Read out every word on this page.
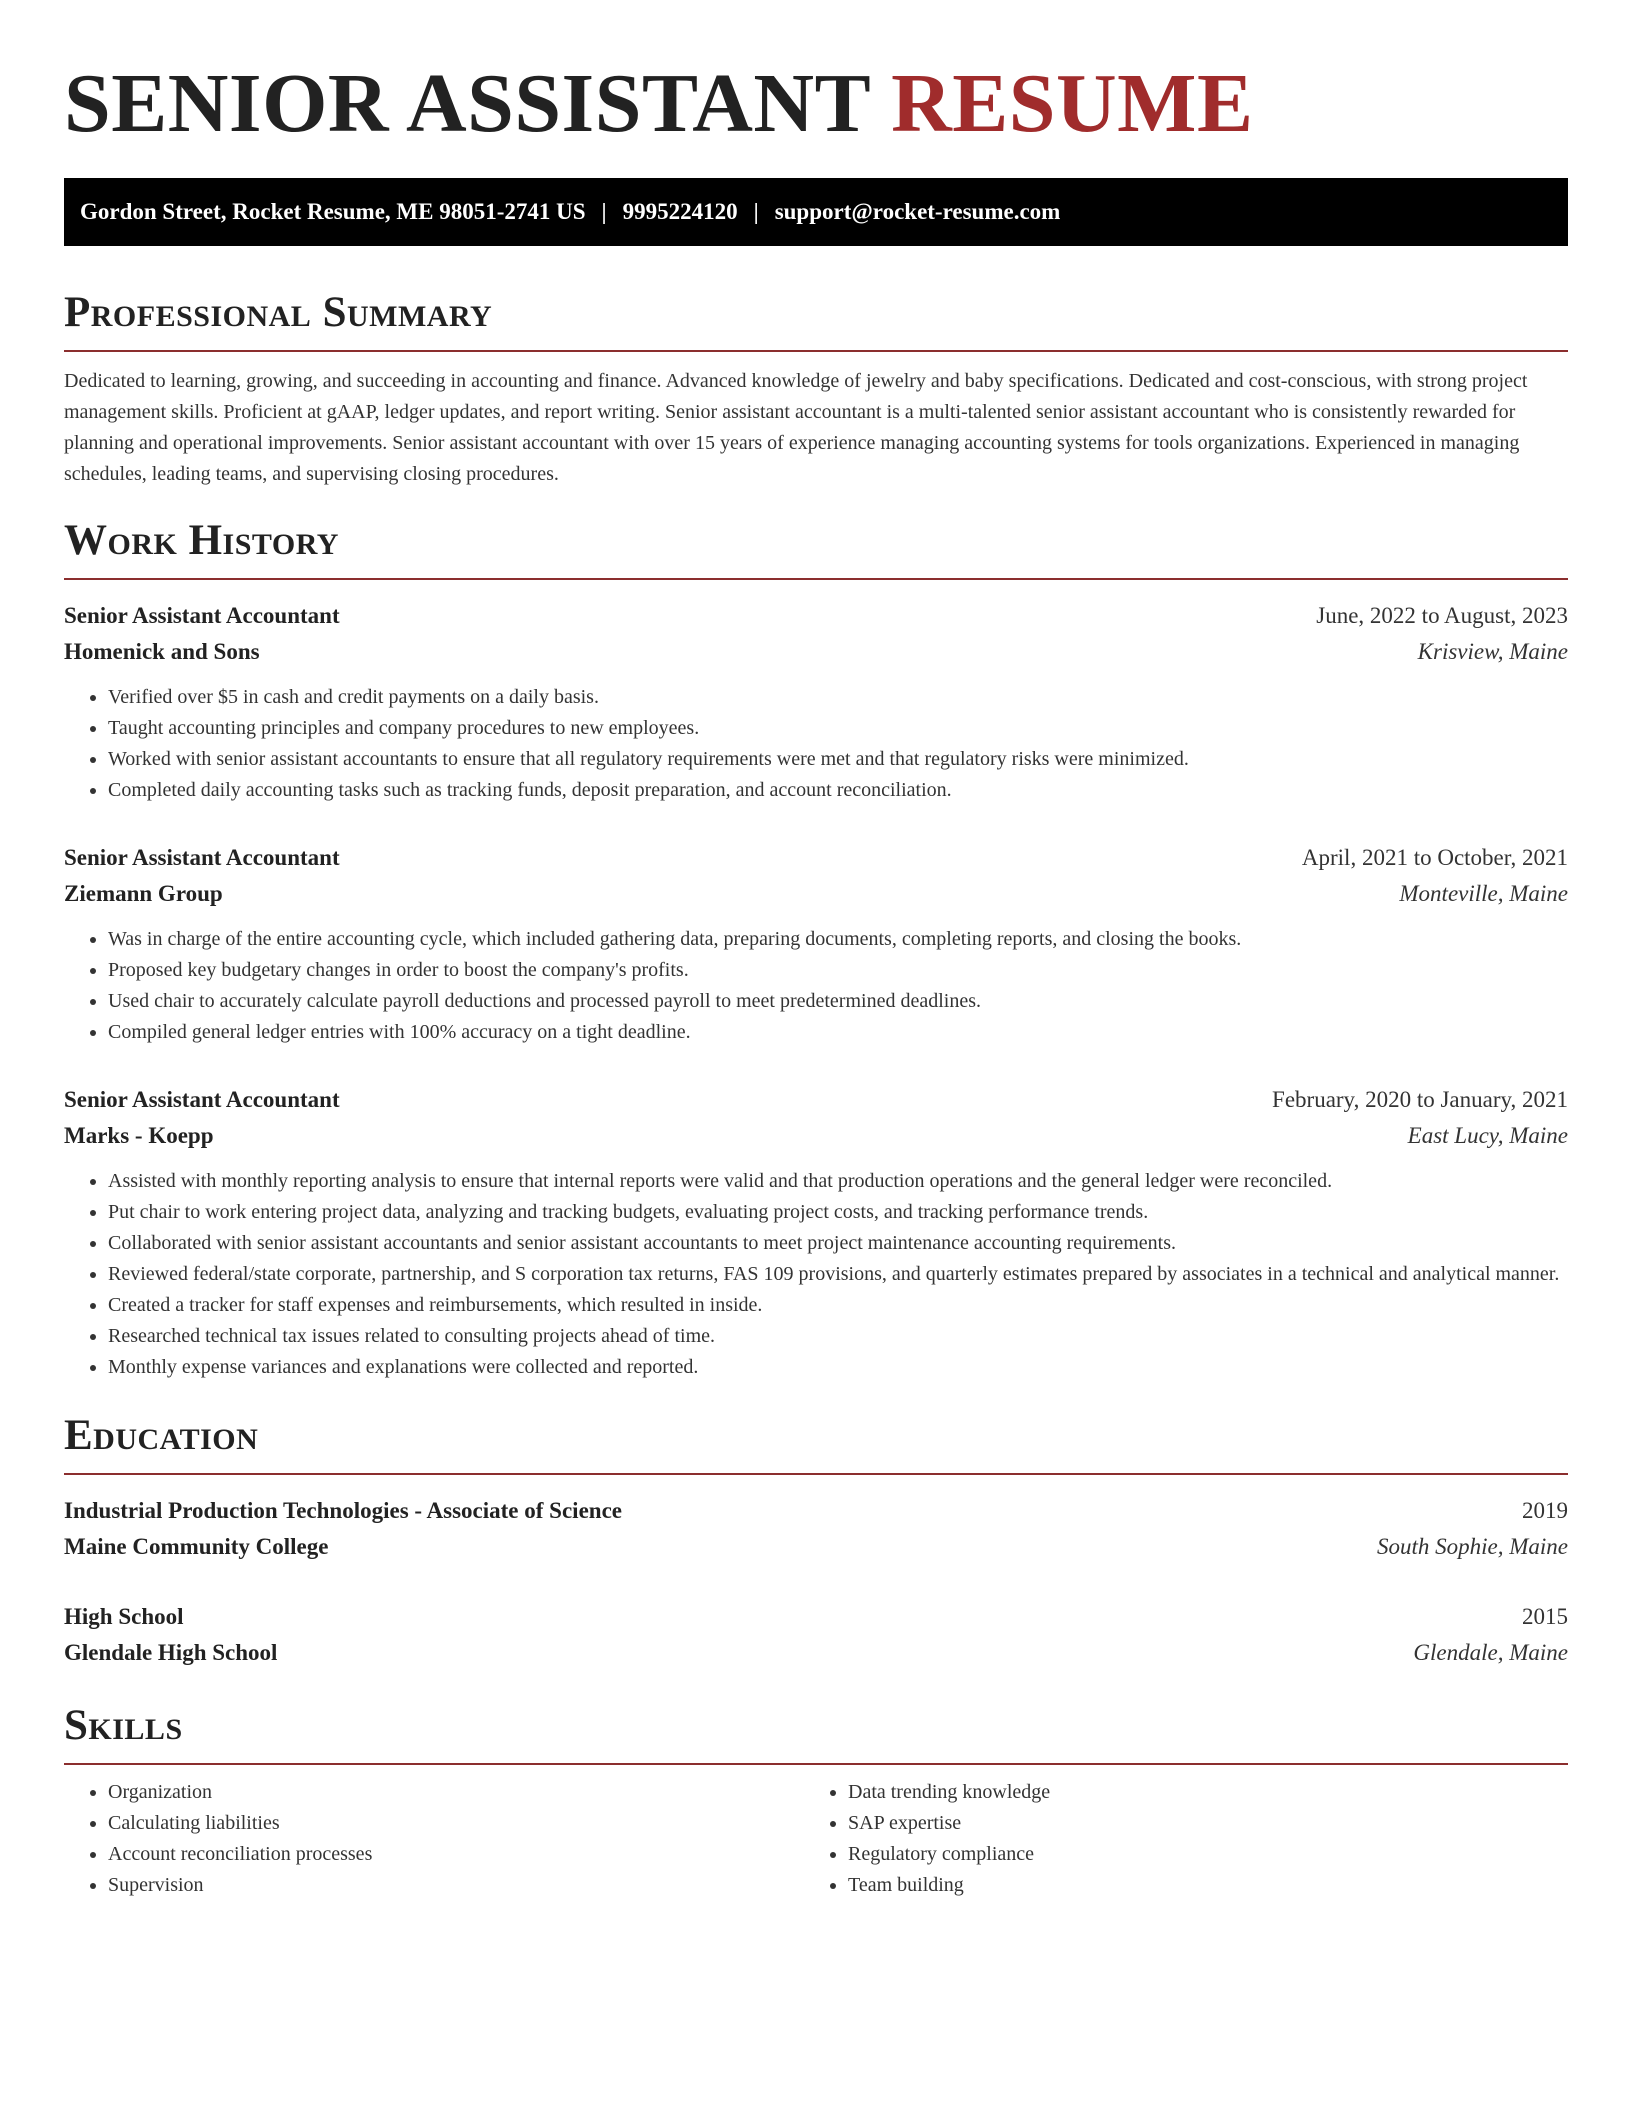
SENIOR ASSISTANT RESUME
Gordon Street, Rocket Resume, ME 98051-2741 US | 9995224120 | support@rocket-resume.com
Professional Summary
Dedicated to learning, growing, and succeeding in accounting and finance. Advanced knowledge of jewelry and baby specifications. Dedicated and cost-conscious, with strong project management skills. Proficient at gAAP, ledger updates, and report writing. Senior assistant accountant is a multi-talented senior assistant accountant who is consistently rewarded for planning and operational improvements. Senior assistant accountant with over 15 years of experience managing accounting systems for tools organizations. Experienced in managing schedules, leading teams, and supervising closing procedures.
Work History
Senior Assistant Accountant	June, 2022 to August, 2023
Homenick and Sons	Krisview, Maine
• Verified over $5 in cash and credit payments on a daily basis.
• Taught accounting principles and company procedures to new employees.
• Worked with senior assistant accountants to ensure that all regulatory requirements were met and that regulatory risks were minimized.
• Completed daily accounting tasks such as tracking funds, deposit preparation, and account reconciliation.
Senior Assistant Accountant	April, 2021 to October, 2021
Ziemann Group	Monteville, Maine
• Was in charge of the entire accounting cycle, which included gathering data, preparing documents, completing reports, and closing the books.
• Proposed key budgetary changes in order to boost the company's profits.
• Used chair to accurately calculate payroll deductions and processed payroll to meet predetermined deadlines.
• Compiled general ledger entries with 100% accuracy on a tight deadline.
Senior Assistant Accountant	February, 2020 to January, 2021
Marks - Koepp	East Lucy, Maine
• Assisted with monthly reporting analysis to ensure that internal reports were valid and that production operations and the general ledger were reconciled.
• Put chair to work entering project data, analyzing and tracking budgets, evaluating project costs, and tracking performance trends.
• Collaborated with senior assistant accountants and senior assistant accountants to meet project maintenance accounting requirements.
• Reviewed federal/state corporate, partnership, and S corporation tax returns, FAS 109 provisions, and quarterly estimates prepared by associates in a technical and analytical manner.
• Created a tracker for staff expenses and reimbursements, which resulted in inside.
• Researched technical tax issues related to consulting projects ahead of time.
• Monthly expense variances and explanations were collected and reported.
Education
Industrial Production Technologies - Associate of Science	2019
Maine Community College	South Sophie, Maine
High School	2015
Glendale High School	Glendale, Maine
Skills
• Organization
• Calculating liabilities
• Account reconciliation processes
• Supervision
• Data trending knowledge
• SAP expertise
• Regulatory compliance
• Team building
